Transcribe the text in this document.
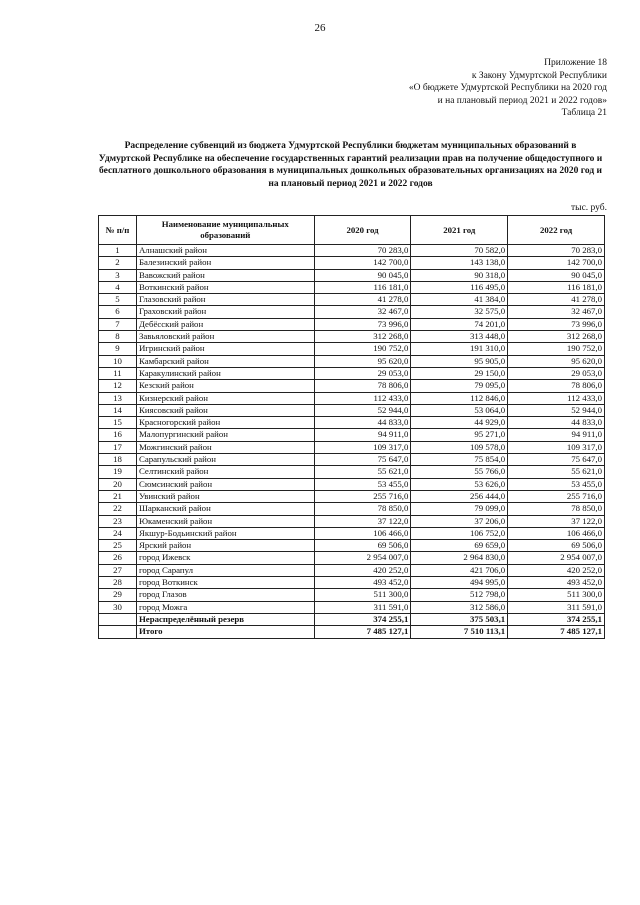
26
Приложение 18
к Закону Удмуртской Республики
«О бюджете Удмуртской Республики на 2020 год
и на плановый период 2021 и 2022 годов»
Таблица 21
Распределение субвенций из бюджета Удмуртской Республики бюджетам муниципальных образований в Удмуртской Республике на обеспечение государственных гарантий реализации прав на получение общедоступного и бесплатного дошкольного образования в муниципальных дошкольных образовательных организациях на 2020 год и на плановый период 2021 и 2022 годов
тыс. руб.
№ п/п	Наименование муниципальных образований	2020 год	2021 год	2022 год
1	Алнашский район	70 283,0	70 582,0	70 283,0
2	Балезинский район	142 700,0	143 138,0	142 700,0
3	Вавожский район	90 045,0	90 318,0	90 045,0
4	Воткинский район	116 181,0	116 495,0	116 181,0
5	Глазовский район	41 278,0	41 384,0	41 278,0
6	Граховский район	32 467,0	32 575,0	32 467,0
7	Дебёсский район	73 996,0	74 201,0	73 996,0
8	Завьяловский район	312 268,0	313 448,0	312 268,0
9	Игринский район	190 752,0	191 310,0	190 752,0
10	Камбарский район	95 620,0	95 905,0	95 620,0
11	Каракулинский район	29 053,0	29 150,0	29 053,0
12	Кезский район	78 806,0	79 095,0	78 806,0
13	Кизнерский район	112 433,0	112 846,0	112 433,0
14	Киясовский район	52 944,0	53 064,0	52 944,0
15	Красногорский район	44 833,0	44 929,0	44 833,0
16	Малопургинский район	94 911,0	95 271,0	94 911,0
17	Можгинский район	109 317,0	109 578,0	109 317,0
18	Сарапульский район	75 647,0	75 854,0	75 647,0
19	Селтинский район	55 621,0	55 766,0	55 621,0
20	Сюмсинский район	53 455,0	53 626,0	53 455,0
21	Увинский район	255 716,0	256 444,0	255 716,0
22	Шарканский район	78 850,0	79 099,0	78 850,0
23	Юкаменский район	37 122,0	37 206,0	37 122,0
24	Якшур-Бодьинский район	106 466,0	106 752,0	106 466,0
25	Ярский район	69 506,0	69 659,0	69 506,0
26	город Ижевск	2 954 007,0	2 964 830,0	2 954 007,0
27	город Сарапул	420 252,0	421 706,0	420 252,0
28	город Воткинск	493 452,0	494 995,0	493 452,0
29	город Глазов	511 300,0	512 798,0	511 300,0
30	город Можга	311 591,0	312 586,0	311 591,0
	Нераспределённый резерв	374 255,1	375 503,1	374 255,1
	Итого	7 485 127,1	7 510 113,1	7 485 127,1
